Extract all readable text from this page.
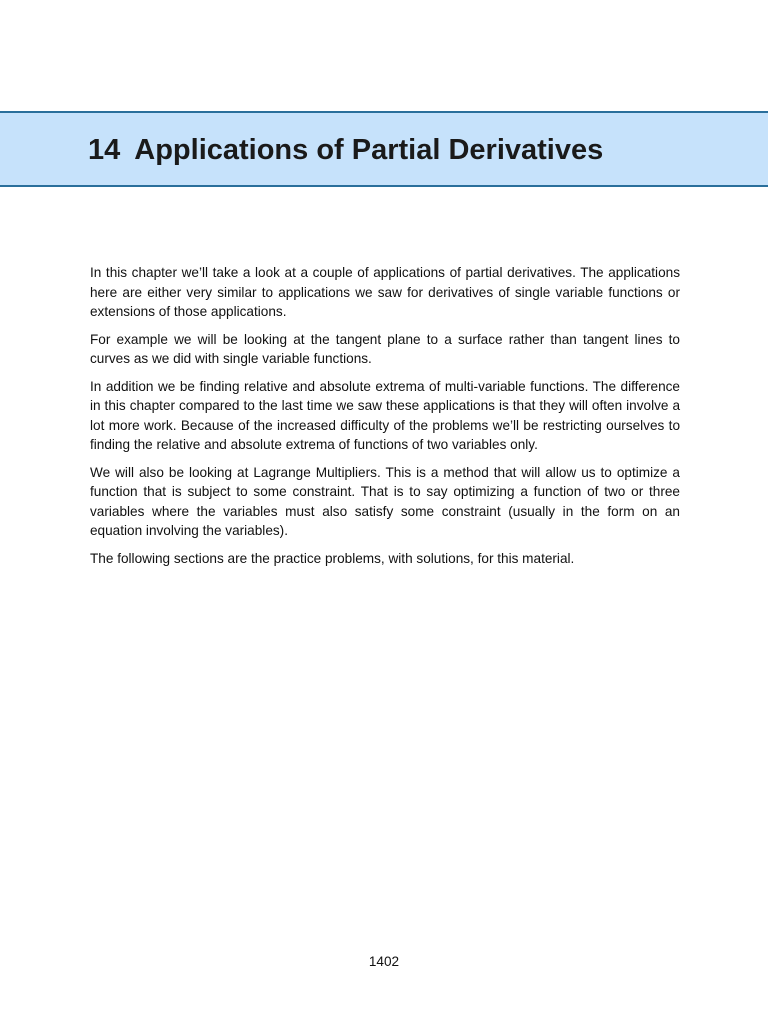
14 Applications of Partial Derivatives

In this chapter we’ll take a look at a couple of applications of partial derivatives. The applications here are either very similar to applications we saw for derivatives of single variable functions or extensions of those applications.

For example we will be looking at the tangent plane to a surface rather than tangent lines to curves as we did with single variable functions.

In addition we be finding relative and absolute extrema of multi-variable functions. The difference in this chapter compared to the last time we saw these applications is that they will often involve a lot more work. Because of the increased difficulty of the problems we’ll be restricting ourselves to finding the relative and absolute extrema of functions of two variables only.

We will also be looking at Lagrange Multipliers. This is a method that will allow us to optimize a function that is subject to some constraint. That is to say optimizing a function of two or three variables where the variables must also satisfy some constraint (usually in the form on an equation involving the variables).

The following sections are the practice problems, with solutions, for this material.

1402
